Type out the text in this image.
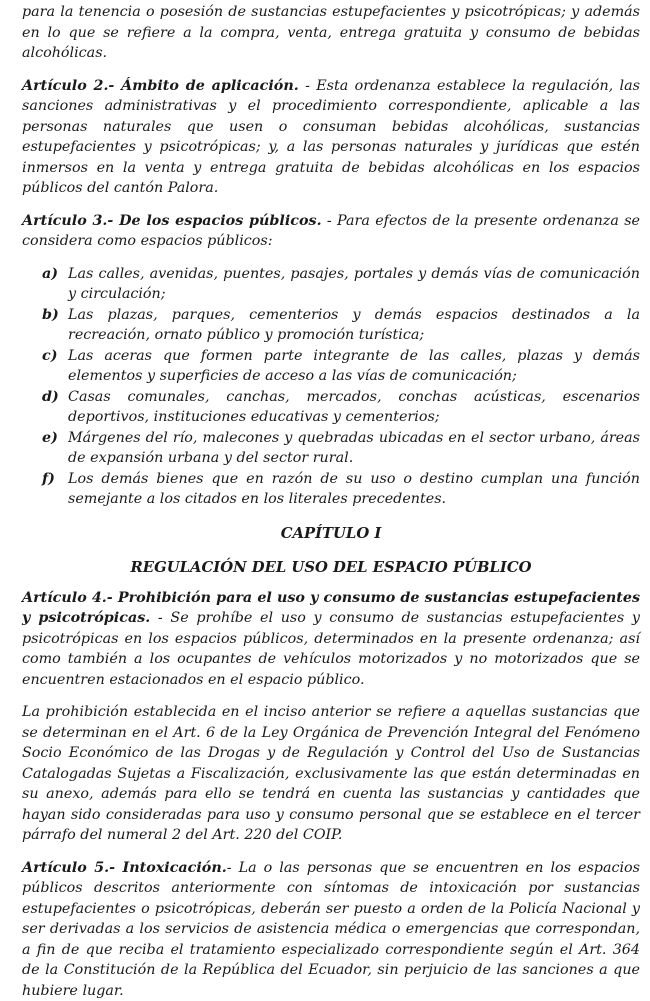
para la tenencia o posesión de sustancias estupefacientes y psicotrópicas; y además en lo que se refiere a la compra, venta, entrega gratuita y consumo de bebidas alcohólicas.

Artículo 2.- Ámbito de aplicación. - Esta ordenanza establece la regulación, las sanciones administrativas y el procedimiento correspondiente, aplicable a las personas naturales que usen o consuman bebidas alcohólicas, sustancias estupefacientes y psicotrópicas; y, a las personas naturales y jurídicas que estén inmersos en la venta y entrega gratuita de bebidas alcohólicas en los espacios públicos del cantón Palora.

Artículo 3.- De los espacios públicos. - Para efectos de la presente ordenanza se considera como espacios públicos:

a) Las calles, avenidas, puentes, pasajes, portales y demás vías de comunicación y circulación;
b) Las plazas, parques, cementerios y demás espacios destinados a la recreación, ornato público y promoción turística;
c) Las aceras que formen parte integrante de las calles, plazas y demás elementos y superficies de acceso a las vías de comunicación;
d) Casas comunales, canchas, mercados, conchas acústicas, escenarios deportivos, instituciones educativas y cementerios;
e) Márgenes del río, malecones y quebradas ubicadas en el sector urbano, áreas de expansión urbana y del sector rural.
f) Los demás bienes que en razón de su uso o destino cumplan una función semejante a los citados en los literales precedentes.

CAPÍTULO I

REGULACIÓN DEL USO DEL ESPACIO PÚBLICO

Artículo 4.- Prohibición para el uso y consumo de sustancias estupefacientes y psicotrópicas. - Se prohíbe el uso y consumo de sustancias estupefacientes y psicotrópicas en los espacios públicos, determinados en la presente ordenanza; así como también a los ocupantes de vehículos motorizados y no motorizados que se encuentren estacionados en el espacio público.

La prohibición establecida en el inciso anterior se refiere a aquellas sustancias que se determinan en el Art. 6 de la Ley Orgánica de Prevención Integral del Fenómeno Socio Económico de las Drogas y de Regulación y Control del Uso de Sustancias Catalogadas Sujetas a Fiscalización, exclusivamente las que están determinadas en su anexo, además para ello se tendrá en cuenta las sustancias y cantidades que hayan sido consideradas para uso y consumo personal que se establece en el tercer párrafo del numeral 2 del Art. 220 del COIP.

Artículo 5.- Intoxicación.- La o las personas que se encuentren en los espacios públicos descritos anteriormente con síntomas de intoxicación por sustancias estupefacientes o psicotrópicas, deberán ser puesto a orden de la Policía Nacional y ser derivadas a los servicios de asistencia médica o emergencias que correspondan, a fin de que reciba el tratamiento especializado correspondiente según el Art. 364 de la Constitución de la República del Ecuador, sin perjuicio de las sanciones a que hubiere lugar.
